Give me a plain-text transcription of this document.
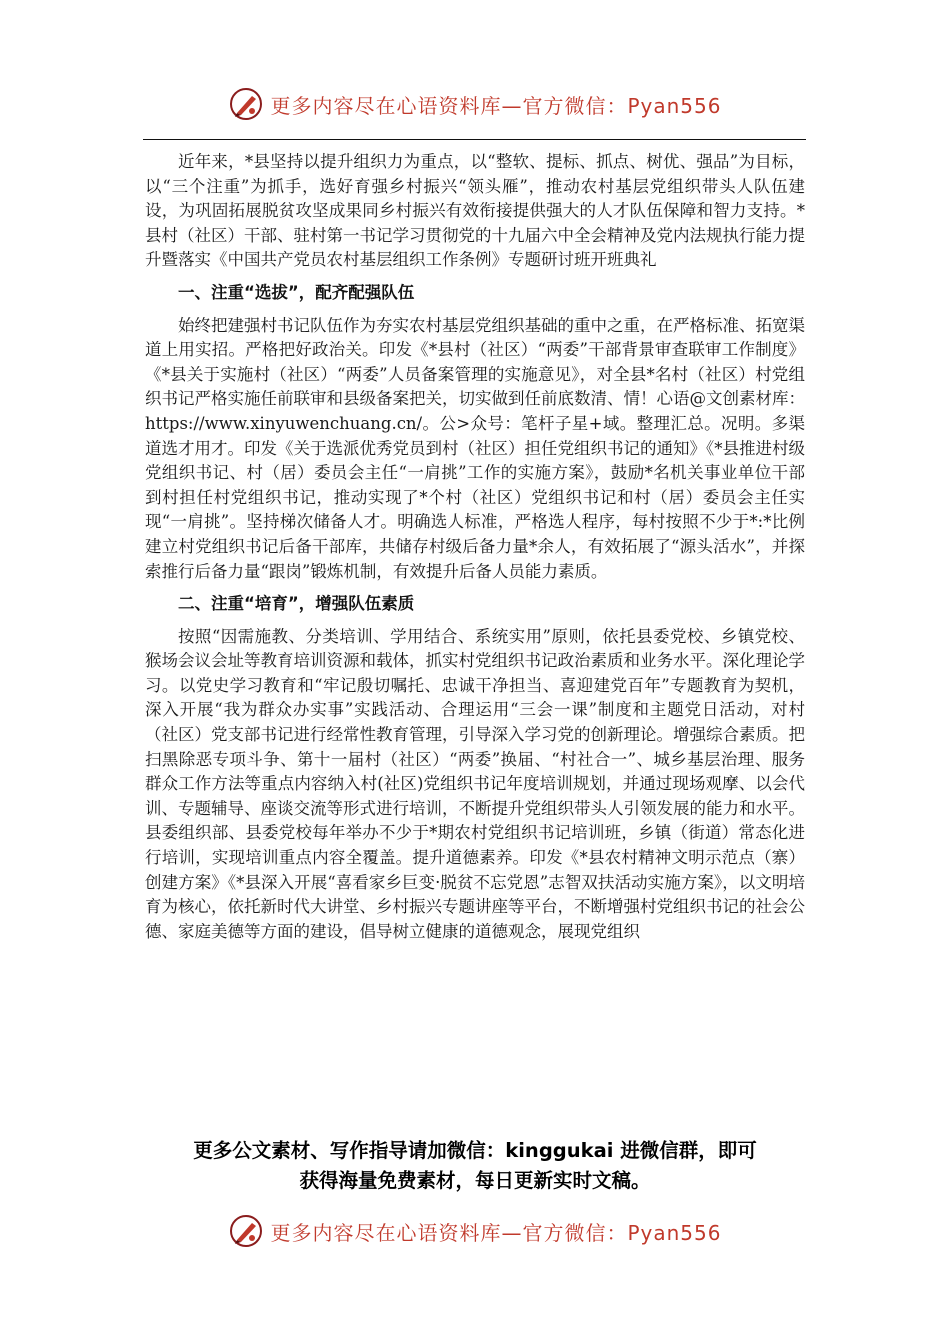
更多内容尽在心语资料库—官方微信：Pyan556

近年来，*县坚持以提升组织力为重点，以“整软、提标、抓点、树优、强品”为目标，以“三个注重”为抓手，选好育强乡村振兴“领头雁”，推动农村基层党组织带头人队伍建设，为巩固拓展脱贫攻坚成果同乡村振兴有效衔接提供强大的人才队伍保障和智力支持。*县村（社区）干部、驻村第一书记学习贯彻党的十九届六中全会精神及党内法规执行能力提升暨落实《中国共产党员农村基层组织工作条例》专题研讨班开班典礼

一、注重“选拔”，配齐配强队伍

始终把建强村书记队伍作为夯实农村基层党组织基础的重中之重，在严格标准、拓宽渠道上用实招。严格把好政治关。印发《*县村（社区）“两委”干部背景审查联审工作制度》《*县关于实施村（社区）“两委”人员备案管理的实施意见》，对全县*名村（社区）村党组织书记严格实施任前联审和县级备案把关，切实做到任前底数清、情！心语@文创素材库：https://www.xinyuwenchuang.cn/。公>众号：笔杆子星+域。整理汇总。况明。多渠道选才用才。印发《关于选派优秀党员到村（社区）担任党组织书记的通知》《*县推进村级党组织书记、村（居）委员会主任“一肩挑”工作的实施方案》，鼓励*名机关事业单位干部到村担任村党组织书记，推动实现了*个村（社区）党组织书记和村（居）委员会主任实现“一肩挑”。坚持梯次储备人才。明确选人标准，严格选人程序，每村按照不少于*:*比例建立村党组织书记后备干部库，共储存村级后备力量*余人，有效拓展了“源头活水”，并探索推行后备力量“跟岗”锻炼机制，有效提升后备人员能力素质。

二、注重“培育”，增强队伍素质

按照“因需施教、分类培训、学用结合、系统实用”原则，依托县委党校、乡镇党校、猴场会议会址等教育培训资源和载体，抓实村党组织书记政治素质和业务水平。深化理论学习。以党史学习教育和“牢记殷切嘱托、忠诚干净担当、喜迎建党百年”专题教育为契机，深入开展“我为群众办实事”实践活动、合理运用“三会一课”制度和主题党日活动，对村（社区）党支部书记进行经常性教育管理，引导深入学习党的创新理论。增强综合素质。把扫黑除恶专项斗争、第十一届村（社区）“两委”换届、“村社合一”、城乡基层治理、服务群众工作方法等重点内容纳入村(社区)党组织书记年度培训规划，并通过现场观摩、以会代训、专题辅导、座谈交流等形式进行培训，不断提升党组织带头人引领发展的能力和水平。县委组织部、县委党校每年举办不少于*期农村党组织书记培训班，乡镇（街道）常态化进行培训，实现培训重点内容全覆盖。提升道德素养。印发《*县农村精神文明示范点（寨）创建方案》《*县深入开展“喜看家乡巨变·脱贫不忘党恩”志智双扶活动实施方案》，以文明培育为核心，依托新时代大讲堂、乡村振兴专题讲座等平台，不断增强村党组织书记的社会公德、家庭美德等方面的建设，倡导树立健康的道德观念，展现党组织

更多公文素材、写作指导请加微信：kinggukai 进微信群，即可
获得海量免费素材，每日更新实时文稿。
更多内容尽在心语资料库—官方微信：Pyan556
